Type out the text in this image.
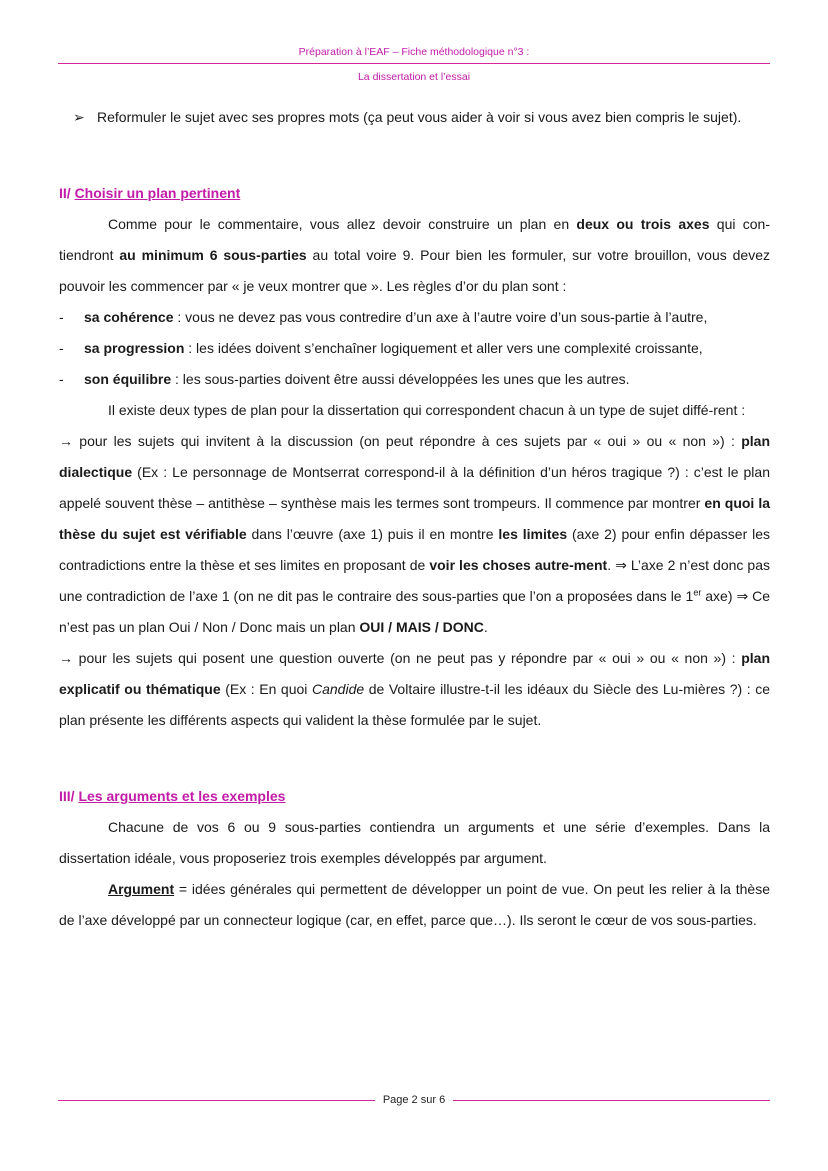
Préparation à l’EAF – Fiche méthodologique n°3 :
La dissertation et l’essai
➢ Reformuler le sujet avec ses propres mots (ça peut vous aider à voir si vous avez bien compris le sujet).

II/ Choisir un plan pertinent

Comme pour le commentaire, vous allez devoir construire un plan en deux ou trois axes qui con-tiendront au minimum 6 sous-parties au total voire 9. Pour bien les formuler, sur votre brouillon, vous devez pouvoir les commencer par « je veux montrer que ». Les règles d’or du plan sont :

-	sa cohérence : vous ne devez pas vous contredire d’un axe à l’autre voire d’un sous-partie à l’autre,
-	sa progression : les idées doivent s’enchaîner logiquement et aller vers une complexité croissante,
-	son équilibre : les sous-parties doivent être aussi développées les unes que les autres.

Il existe deux types de plan pour la dissertation qui correspondent chacun à un type de sujet diffé-rent :

→ pour les sujets qui invitent à la discussion (on peut répondre à ces sujets par « oui » ou « non ») : plan dialectique (Ex : Le personnage de Montserrat correspond-il à la définition d’un héros tragique ?) : c’est le plan appelé souvent thèse – antithèse – synthèse mais les termes sont trompeurs. Il commence par montrer en quoi la thèse du sujet est vérifiable dans l’œuvre (axe 1) puis il en montre les limites (axe 2) pour enfin dépasser les contradictions entre la thèse et ses limites en proposant de voir les choses autre-ment. ⇒ L’axe 2 n’est donc pas une contradiction de l’axe 1 (on ne dit pas le contraire des sous-parties que l’on a proposées dans le 1er axe) ⇒ Ce n’est pas un plan Oui / Non / Donc mais un plan OUI / MAIS / DONC.

→ pour les sujets qui posent une question ouverte (on ne peut pas y répondre par « oui » ou « non ») : plan explicatif ou thématique (Ex : En quoi Candide de Voltaire illustre-t-il les idéaux du Siècle des Lu-mières ?) : ce plan présente les différents aspects qui valident la thèse formulée par le sujet.

III/ Les arguments et les exemples

Chacune de vos 6 ou 9 sous-parties contiendra un arguments et une série d’exemples. Dans la dissertation idéale, vous proposeriez trois exemples développés par argument.

Argument = idées générales qui permettent de développer un point de vue. On peut les relier à la thèse de l’axe développé par un connecteur logique (car, en effet, parce que…). Ils seront le cœur de vos sous-parties.

Page 2 sur 6
